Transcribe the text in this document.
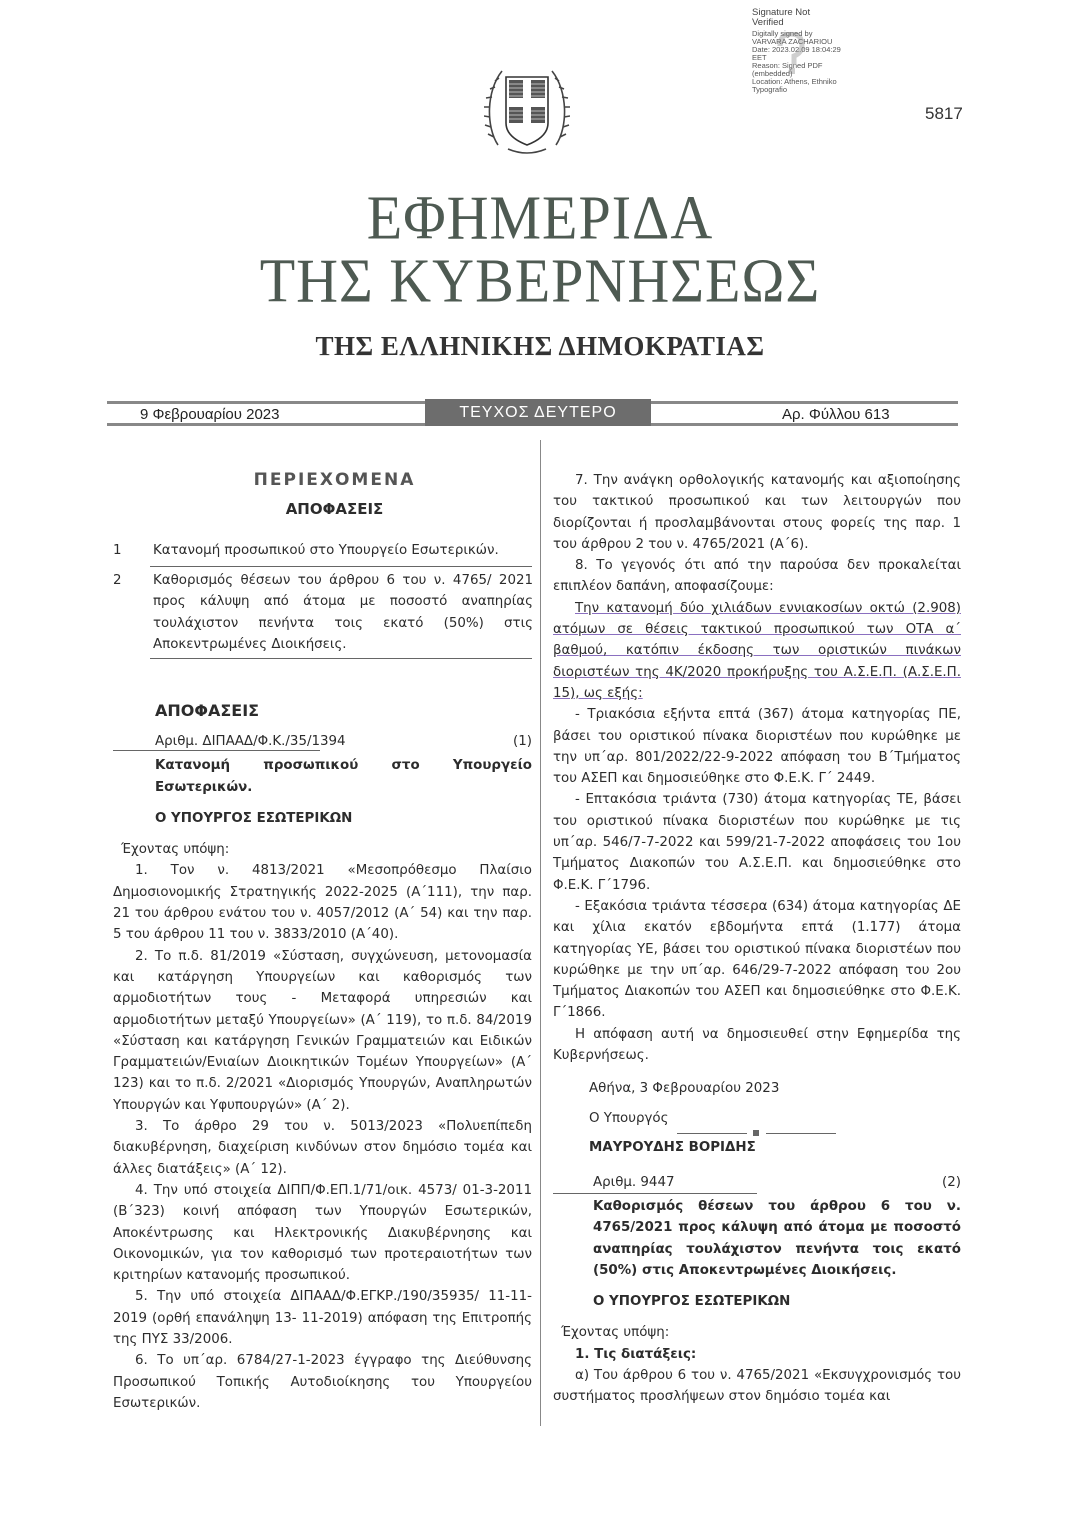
Signature Not
Verified
Digitally signed by
VARVARA ZACHARIOU
Date: 2023.02.09 18:04:29
EET
Reason: Signed PDF
(embedded)
Location: Athens, Ethniko
Typografio
5817
ΕΦΗΜΕΡΙΔΑ
ΤΗΣ ΚΥΒΕΡΝΗΣΕΩΣ
ΤΗΣ ΕΛΛΗΝΙΚΗΣ ΔΗΜΟΚΡΑΤΙΑΣ
9 Φεβρουαρίου 2023	ΤΕΥΧΟΣ ΔΕΥΤΕΡΟ	Αρ. Φύλλου 613
ΠΕΡΙΕΧΟΜΕΝΑ
ΑΠΟΦΑΣΕΙΣ
1 Κατανομή προσωπικού στο Υπουργείο Εσωτερικών.

2 Καθορισμός θέσεων του άρθρου 6 του ν. 4765/ 2021 προς κάλυψη από άτομα με ποσοστό αναπηρίας τουλάχιστον πενήντα τοις εκατό (50%) στις Αποκεντρωμένες Διοικήσεις.

ΑΠΟΦΑΣΕΙΣ
Αριθμ. ΔΙΠΑΑΔ/Φ.Κ./35/1394	(1)

Κατανομή προσωπικού στο Υπουργείο Εσωτερικών.

Ο ΥΠΟΥΡΓΟΣ ΕΣΩΤΕΡΙΚΩΝ

Έχοντας υπόψη:

1. Τον ν. 4813/2021 «Μεσοπρόθεσμο Πλαίσιο Δημοσιονομικής Στρατηγικής 2022-2025 (Α΄111), την παρ. 21 του άρθρου ενάτου του ν. 4057/2012 (Α΄ 54) και την παρ. 5 του άρθρου 11 του ν. 3833/2010 (Α΄40).

2. Το π.δ. 81/2019 «Σύσταση, συγχώνευση, μετονομασία και κατάργηση Υπουργείων και καθορισμός των αρμοδιοτήτων τους - Μεταφορά υπηρεσιών και αρμοδιοτήτων μεταξύ Υπουργείων» (Α΄ 119), το π.δ. 84/2019 «Σύσταση και κατάργηση Γενικών Γραμματειών και Ειδικών Γραμματειών/Ενιαίων Διοικητικών Τομέων Υπουργείων» (Α΄ 123) και το π.δ. 2/2021 «Διορισμός Υπουργών, Αναπληρωτών Υπουργών και Υφυπουργών» (Α΄ 2).

3. Το άρθρο 29 του ν. 5013/2023 «Πολυεπίπεδη διακυβέρνηση, διαχείριση κινδύνων στον δημόσιο τομέα και άλλες διατάξεις» (Α΄ 12).

4. Την υπό στοιχεία ΔΙΠΠ/Φ.ΕΠ.1/71/οικ. 4573/ 01-3-2011 (Β΄323) κοινή απόφαση των Υπουργών Εσωτερικών, Αποκέντρωσης και Ηλεκτρονικής Διακυβέρνησης και Οικονομικών, για τον καθορισμό των προτεραιοτήτων των κριτηρίων κατανομής προσωπικού.

5. Την υπό στοιχεία ΔΙΠΑΑΔ/Φ.ΕΓΚΡ./190/35935/ 11-11-2019 (ορθή επανάληψη 13- 11-2019) απόφαση της Επιτροπής της ΠΥΣ 33/2006.

6. Το υπ΄αρ. 6784/27-1-2023 έγγραφο της Διεύθυνσης Προσωπικού Τοπικής Αυτοδιοίκησης του Υπουργείου Εσωτερικών.

7. Την ανάγκη ορθολογικής κατανομής και αξιοποίησης του τακτικού προσωπικού και των λειτουργών που διορίζονται ή προσλαμβάνονται στους φορείς της παρ. 1 του άρθρου 2 του ν. 4765/2021 (Α΄6).

8. Το γεγονός ότι από την παρούσα δεν προκαλείται επιπλέον δαπάνη, αποφασίζουμε:

Την κατανομή δύο χιλιάδων εννιακοσίων οκτώ (2.908) ατόμων σε θέσεις τακτικού προσωπικού των ΟΤΑ α΄ βαθμού, κατόπιν έκδοσης των οριστικών πινάκων διοριστέων της 4Κ/2020 προκήρυξης του Α.Σ.Ε.Π. (Α.Σ.Ε.Π. 15), ως εξής:

- Τριακόσια εξήντα επτά (367) άτομα κατηγορίας ΠΕ, βάσει του οριστικού πίνακα διοριστέων που κυρώθηκε με την υπ΄αρ. 801/2022/22-9-2022 απόφαση του Β΄Τμήματος του ΑΣΕΠ και δημοσιεύθηκε στο Φ.Ε.Κ. Γ΄ 2449.

- Επτακόσια τριάντα (730) άτομα κατηγορίας ΤΕ, βάσει του οριστικού πίνακα διοριστέων που κυρώθηκε με τις υπ΄αρ. 546/7-7-2022 και 599/21-7-2022 αποφάσεις του 1ου Τμήματος Διακοπών του Α.Σ.Ε.Π. και δημοσιεύθηκε στο Φ.Ε.Κ. Γ΄1796.

- Εξακόσια τριάντα τέσσερα (634) άτομα κατηγορίας ΔΕ και χίλια εκατόν εβδομήντα επτά (1.177) άτομα κατηγορίας ΥΕ, βάσει του οριστικού πίνακα διοριστέων που κυρώθηκε με την υπ΄αρ. 646/29-7-2022 απόφαση του 2ου Τμήματος Διακοπών του ΑΣΕΠ και δημοσιεύθηκε στο Φ.Ε.Κ. Γ΄1866.

Η απόφαση αυτή να δημοσιευθεί στην Εφημερίδα της Κυβερνήσεως.

Αθήνα, 3 Φεβρουαρίου 2023

Ο Υπουργός

ΜΑΥΡΟΥΔΗΣ ΒΟΡΙΔΗΣ

Αριθμ. 9447	(2)

Καθορισμός θέσεων του άρθρου 6 του ν. 4765/2021 προς κάλυψη από άτομα με ποσοστό αναπηρίας τουλάχιστον πενήντα τοις εκατό (50%) στις Αποκεντρωμένες Διοικήσεις.

Ο ΥΠΟΥΡΓΟΣ ΕΣΩΤΕΡΙΚΩΝ

Έχοντας υπόψη:

1. Τις διατάξεις:

α) Του άρθρου 6 του ν. 4765/2021 «Εκσυγχρονισμός του συστήματος προσλήψεων στον δημόσιο τομέα και
